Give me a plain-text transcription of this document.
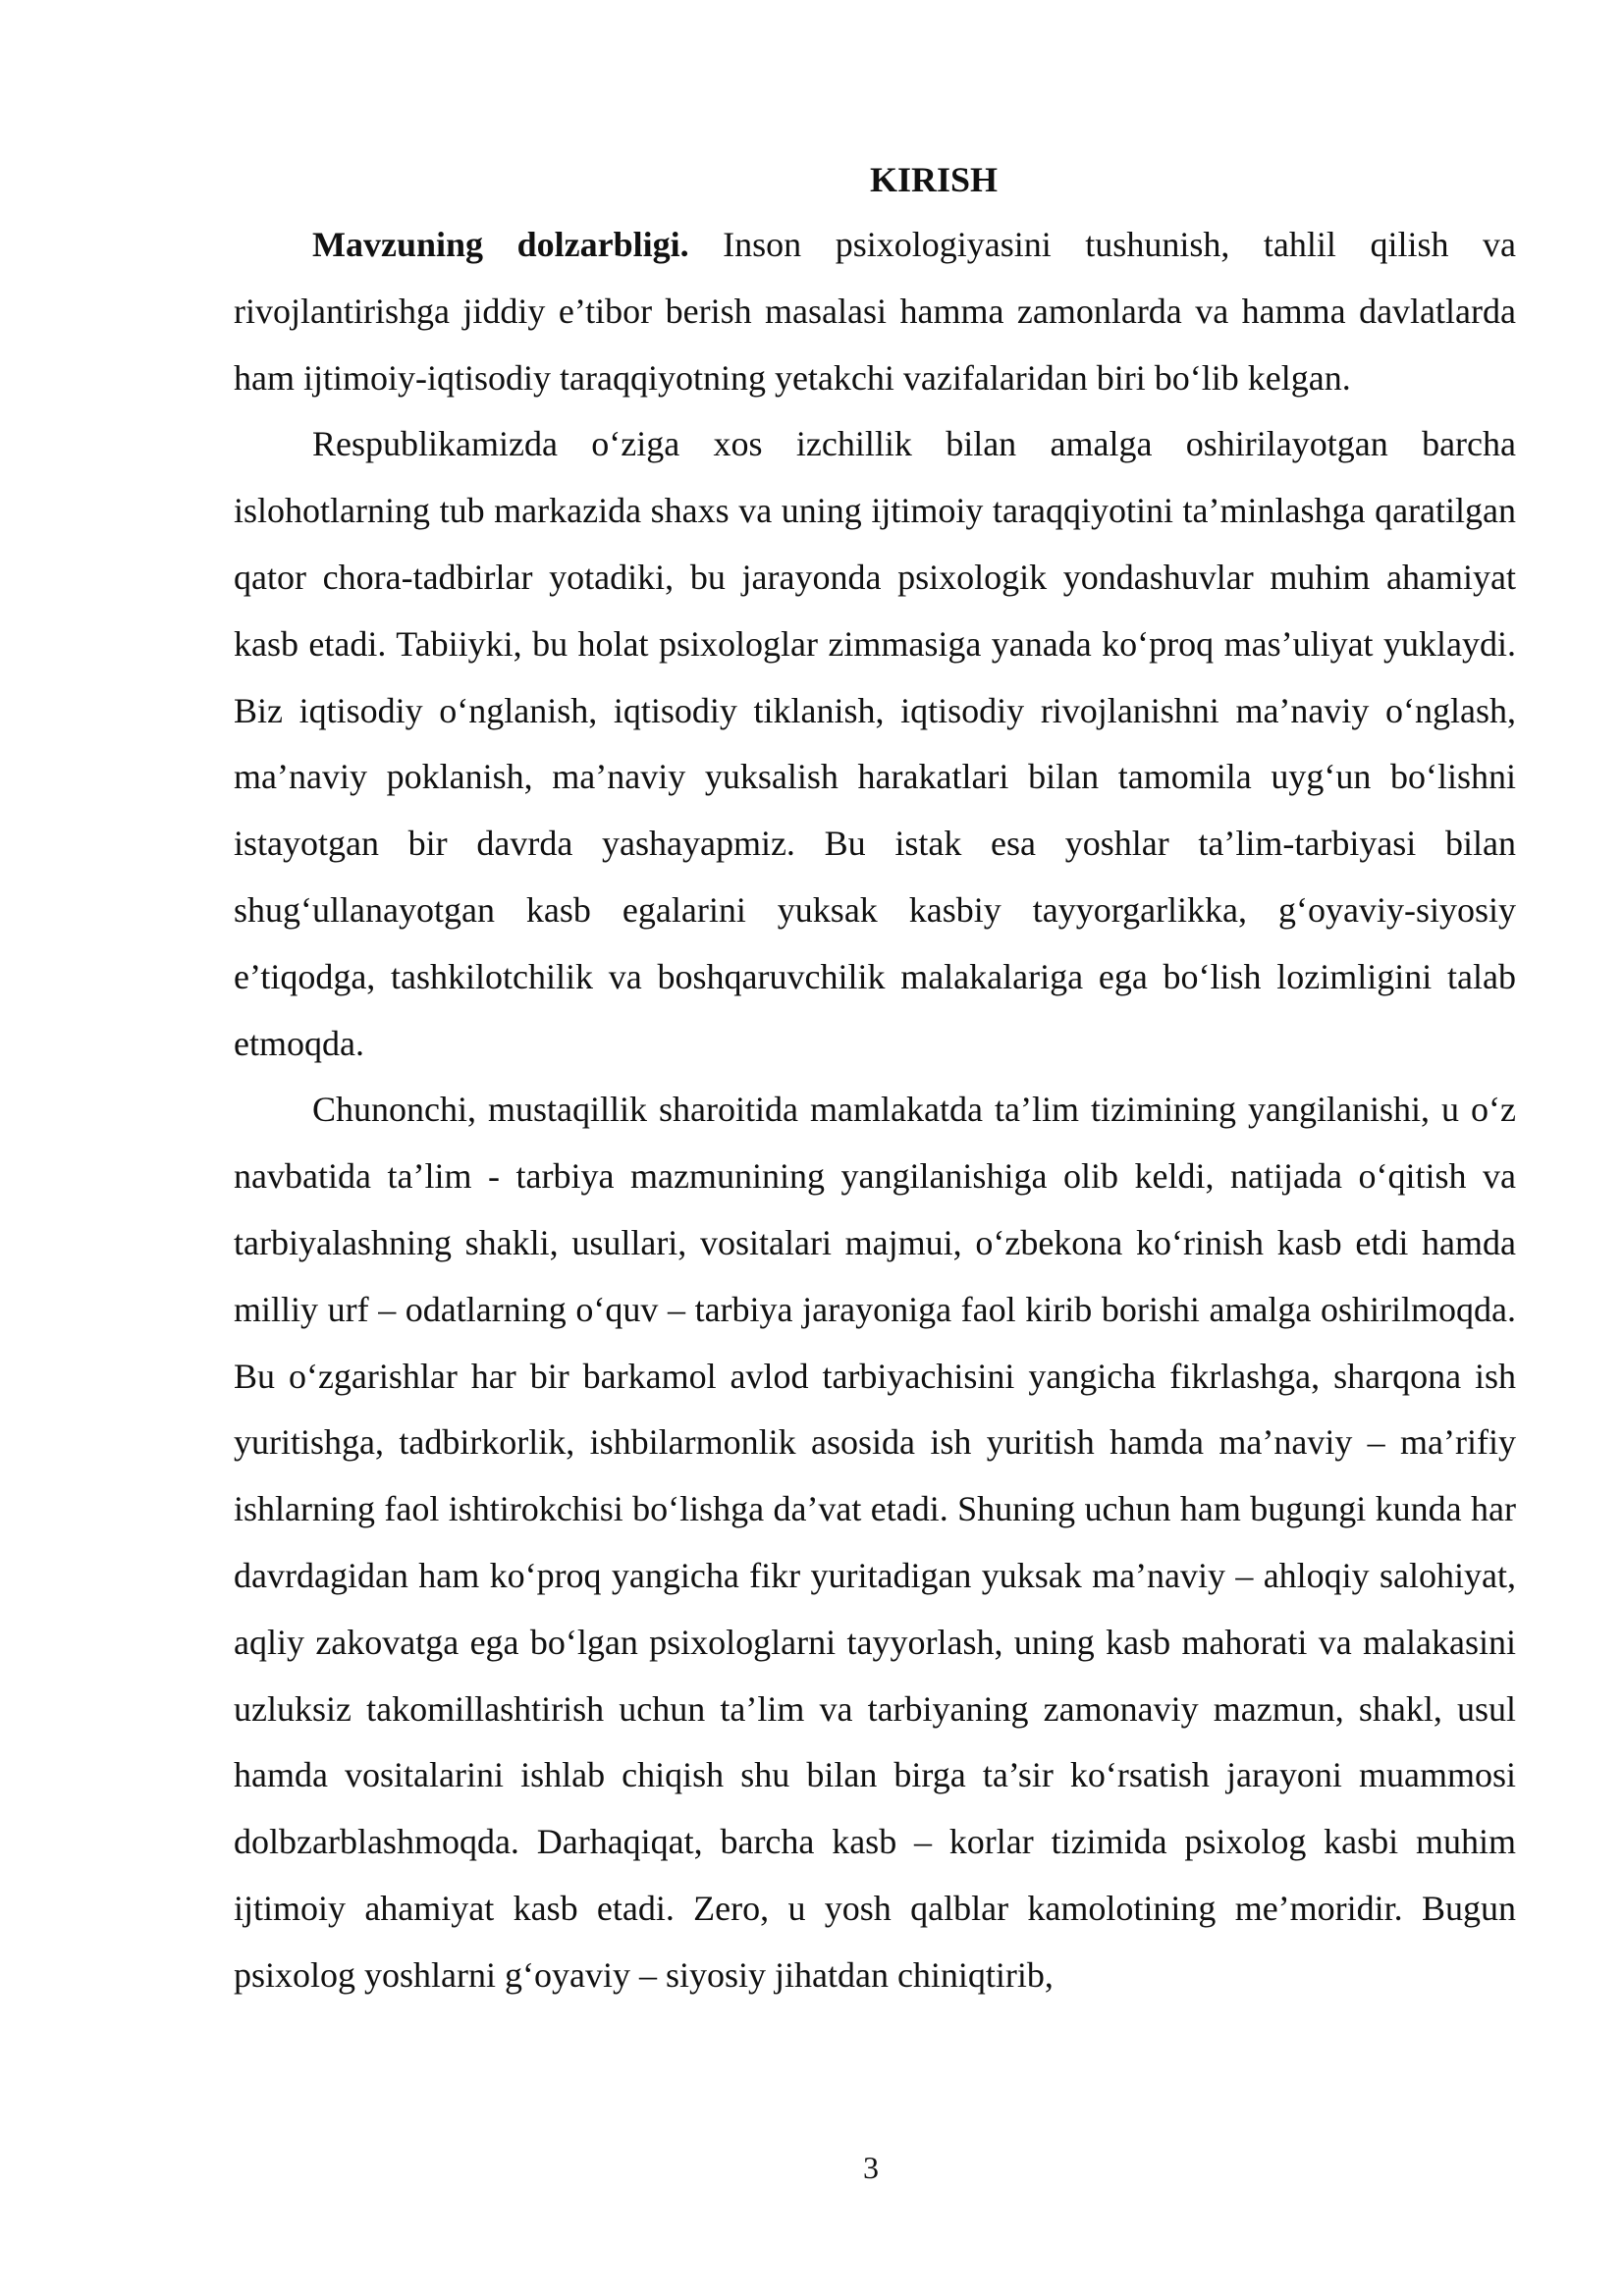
KIRISH

Mavzuning dolzarbligi. Inson psixologiyasini tushunish, tahlil qilish va rivojlantirishga jiddiy e’tibor berish masalasi hamma zamonlarda va hamma davlatlarda ham ijtimoiy-iqtisodiy taraqqiyotning yetakchi vazifalaridan biri bo‘lib kelgan.

Respublikamizda o‘ziga xos izchillik bilan amalga oshirilayotgan barcha islohotlarning tub markazida shaxs va uning ijtimoiy taraqqiyotini ta’minlashga qaratilgan qator chora-tadbirlar yotadiki, bu jarayonda psixologik yondashuvlar muhim ahamiyat kasb etadi. Tabiiyki, bu holat psixologlar zimmasiga yanada ko‘proq mas’uliyat yuklaydi. Biz iqtisodiy o‘nglanish, iqtisodiy tiklanish, iqtisodiy rivojlanishni ma’naviy o‘nglash, ma’naviy poklanish, ma’naviy yuksalish harakatlari bilan tamomila uyg‘un bo‘lishni istayotgan bir davrda yashayapmiz. Bu istak esa yoshlar ta’lim-tarbiyasi bilan shug‘ullanayotgan kasb egalarini yuksak kasbiy tayyorgarlikka, g‘oyaviy-siyosiy e’tiqodga, tashkilotchilik va boshqaruvchilik malakalariga ega bo‘lish lozimligini talab etmoqda.

Chunonchi, mustaqillik sharoitida mamlakatda ta’lim tizimining yangilanishi, u o‘z navbatida ta’lim - tarbiya mazmunining yangilanishiga olib keldi, natijada o‘qitish va tarbiyalashning shakli, usullari, vositalari majmui, o‘zbekona ko‘rinish kasb etdi hamda milliy urf – odatlarning o‘quv – tarbiya jarayoniga faol kirib borishi amalga oshirilmoqda. Bu o‘zgarishlar har bir barkamol avlod tarbiyachisini yangicha fikrlashga, sharqona ish yuritishga, tadbirkorlik, ishbilarmonlik asosida ish yuritish hamda ma’naviy – ma’rifiy ishlarning faol ishtirokchisi bo‘lishga da’vat etadi. Shuning uchun ham bugungi kunda har davrdagidan ham ko‘proq yangicha fikr yuritadigan yuksak ma’naviy – ahloqiy salohiyat, aqliy zakovatga ega bo‘lgan psixologlarni tayyorlash, uning kasb mahorati va malakasini uzluksiz takomillashtirish uchun ta’lim va tarbiyaning zamonaviy mazmun, shakl, usul hamda vositalarini ishlab chiqish shu bilan birga ta’sir ko‘rsatish jarayoni muammosi dolbzarblashmoqda. Darhaqiqat, barcha kasb – korlar tizimida psixolog kasbi muhim ijtimoiy ahamiyat kasb etadi. Zero, u yosh qalblar kamolotining me’moridir. Bugun psixolog yoshlarni g‘oyaviy – siyosiy jihatdan chiniqtirib,

3
